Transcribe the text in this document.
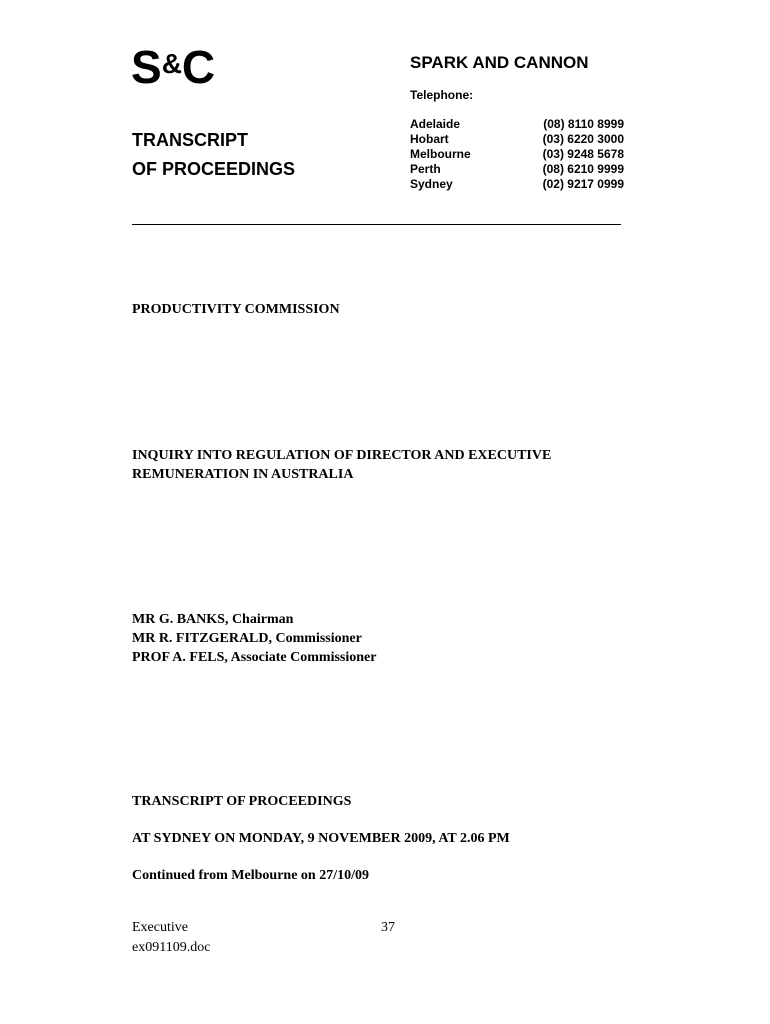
S&C	SPARK AND CANNON
Telephone:
Adelaide	(08) 8110 8999
Hobart	(03) 6220 3000
Melbourne	(03) 9248 5678
Perth	(08) 6210 9999
Sydney	(02) 9217 0999
TRANSCRIPT
OF PROCEEDINGS
PRODUCTIVITY COMMISSION
INQUIRY INTO REGULATION OF DIRECTOR AND EXECUTIVE
REMUNERATION IN AUSTRALIA
MR G. BANKS, Chairman
MR R. FITZGERALD, Commissioner
PROF A. FELS, Associate Commissioner
TRANSCRIPT OF PROCEEDINGS
AT SYDNEY ON MONDAY, 9 NOVEMBER 2009, AT 2.06 PM
Continued from Melbourne on 27/10/09
Executive
ex091109.doc
37
